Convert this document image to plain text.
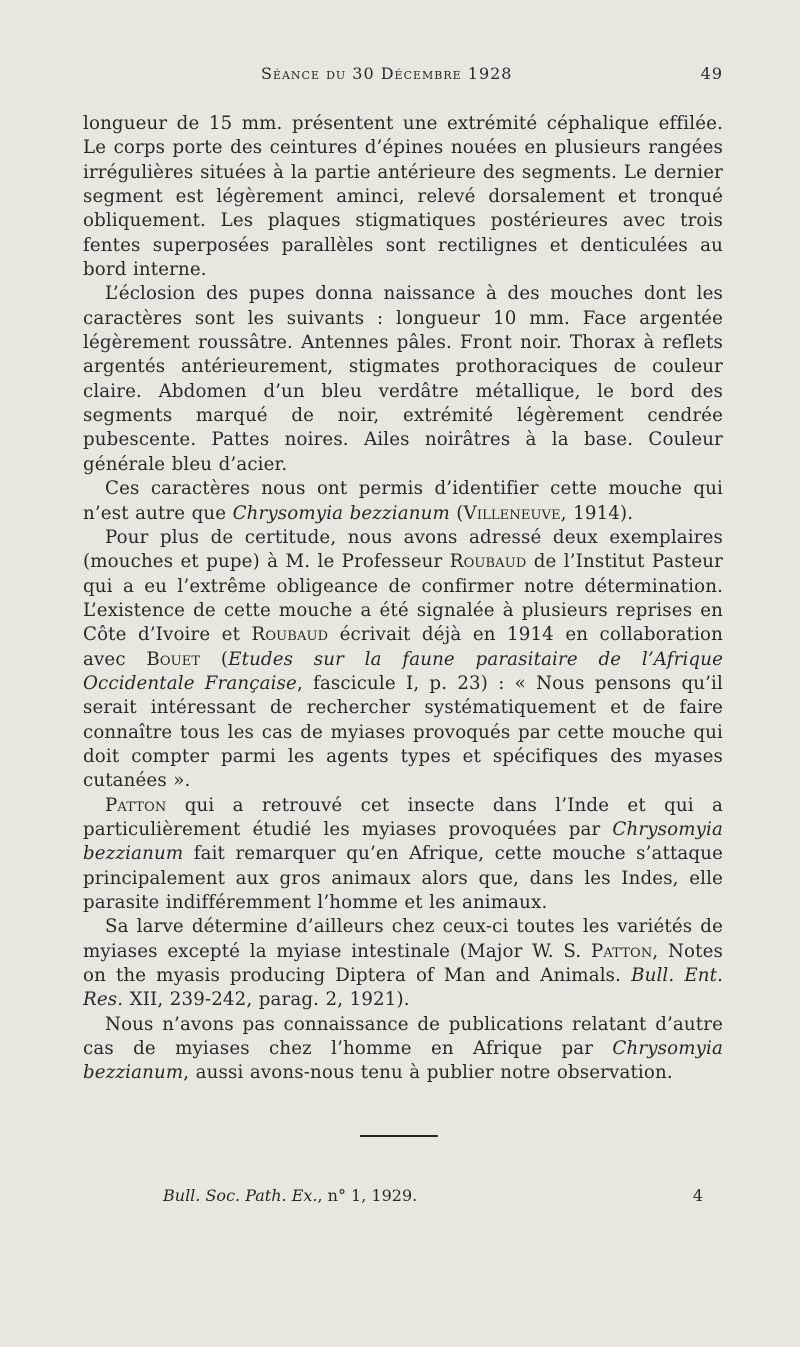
Séance du 30 Décembre 1928	49

longueur de 15 mm. présentent une extrémité céphalique effilée. Le corps porte des ceintures d’épines nouées en plusieurs rangées irrégulières situées à la partie antérieure des segments. Le dernier segment est légèrement aminci, relevé dorsalement et tronqué obliquement. Les plaques stigmatiques postérieures avec trois fentes superposées parallèles sont rectilignes et denticulées au bord interne.

L’éclosion des pupes donna naissance à des mouches dont les caractères sont les suivants : longueur 10 mm. Face argentée légèrement roussâtre. Antennes pâles. Front noir. Thorax à reflets argentés antérieurement, stigmates prothoraciques de couleur claire. Abdomen d’un bleu verdâtre métallique, le bord des segments marqué de noir, extrémité légèrement cendrée pubescente. Pattes noires. Ailes noirâtres à la base. Couleur générale bleu d’acier.

Ces caractères nous ont permis d’identifier cette mouche qui n’est autre que Chrysomyia bezzianum (Villeneuve, 1914).

Pour plus de certitude, nous avons adressé deux exemplaires (mouches et pupe) à M. le Professeur Roubaud de l’Institut Pasteur qui a eu l’extrême obligeance de confirmer notre détermination. L’existence de cette mouche a été signalée à plusieurs reprises en Côte d’Ivoire et Roubaud écrivait déjà en 1914 en collaboration avec Bouet (Etudes sur la faune parasitaire de l’Afrique Occidentale Française, fascicule I, p. 23) : « Nous pensons qu’il serait intéressant de rechercher systématiquement et de faire connaître tous les cas de myiases provoqués par cette mouche qui doit compter parmi les agents types et spécifiques des myases cutanées ».

Patton qui a retrouvé cet insecte dans l’Inde et qui a particulièrement étudié les myiases provoquées par Chrysomyia bezzianum fait remarquer qu’en Afrique, cette mouche s’attaque principalement aux gros animaux alors que, dans les Indes, elle parasite indifféremment l’homme et les animaux.

Sa larve détermine d’ailleurs chez ceux-ci toutes les variétés de myiases excepté la myiase intestinale (Major W. S. Patton, Notes on the myasis producing Diptera of Man and Animals. Bull. Ent. Res. XII, 239-242, parag. 2, 1921).

Nous n’avons pas connaissance de publications relatant d’autre cas de myiases chez l’homme en Afrique par Chrysomyia bezzianum, aussi avons-nous tenu à publier notre observation.

Bull. Soc. Path. Ex., n° 1, 1929.	4
